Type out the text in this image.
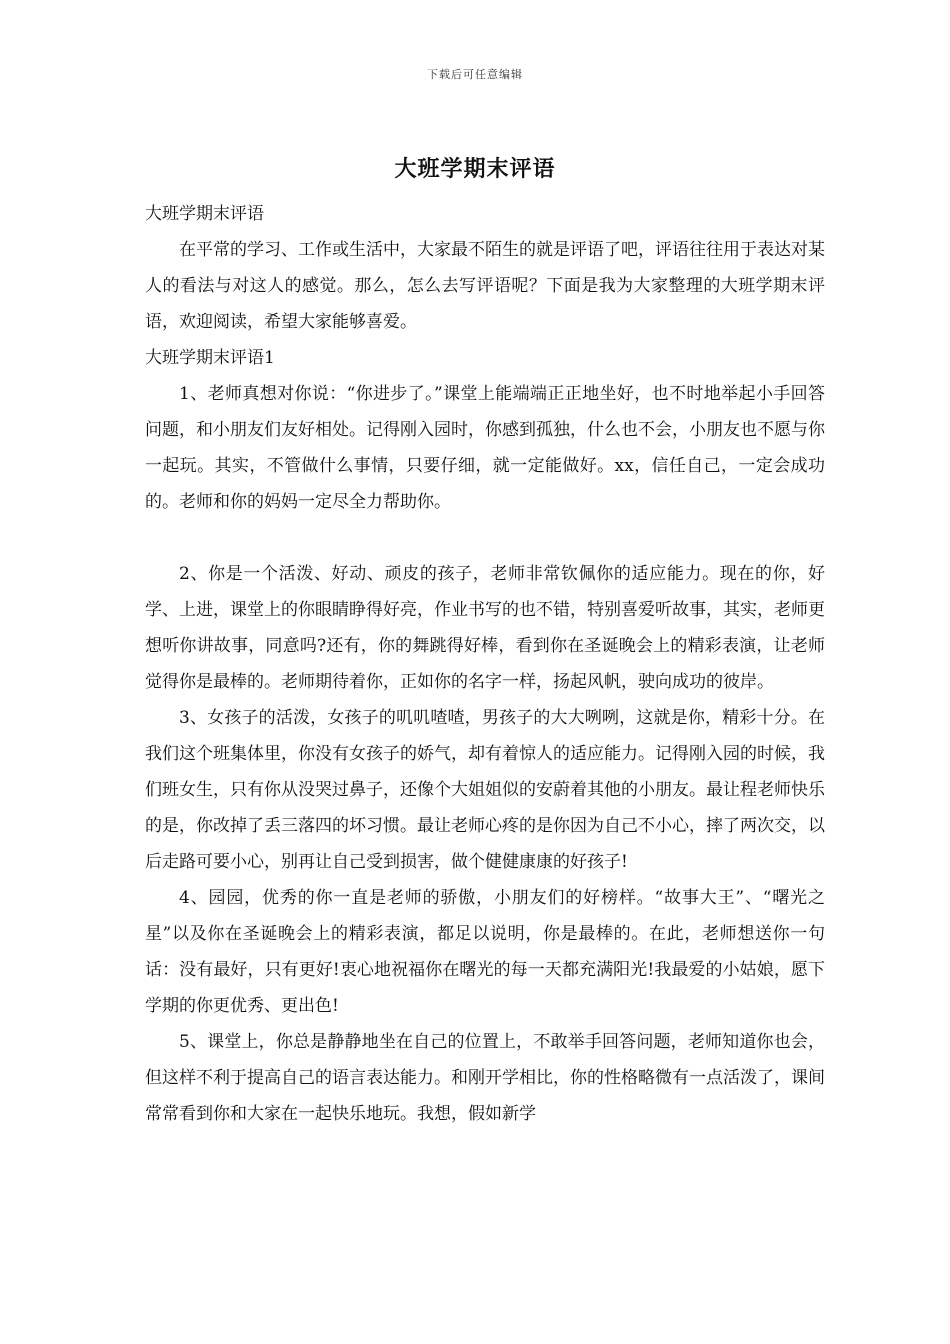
下载后可任意编辑
大班学期末评语

大班学期末评语

在平常的学习、工作或生活中，大家最不陌生的就是评语了吧，评语往往用于表达对某人的看法与对这人的感觉。那么，怎么去写评语呢？下面是我为大家整理的大班学期末评语，欢迎阅读，希望大家能够喜爱。

大班学期末评语1

1、老师真想对你说：“你进步了。”课堂上能端端正正地坐好，也不时地举起小手回答问题，和小朋友们友好相处。记得刚入园时，你感到孤独，什么也不会，小朋友也不愿与你一起玩。其实，不管做什么事情，只要仔细，就一定能做好。xx，信任自己，一定会成功的。老师和你的妈妈一定尽全力帮助你。

2、你是一个活泼、好动、顽皮的孩子，老师非常钦佩你的适应能力。现在的你，好学、上进，课堂上的你眼睛睁得好亮，作业书写的也不错，特别喜爱听故事，其实，老师更想听你讲故事，同意吗?还有，你的舞跳得好棒，看到你在圣诞晚会上的精彩表演，让老师觉得你是最棒的。老师期待着你，正如你的名字一样，扬起风帆，驶向成功的彼岸。

3、女孩子的活泼，女孩子的叽叽喳喳，男孩子的大大咧咧，这就是你，精彩十分。在我们这个班集体里，你没有女孩子的娇气，却有着惊人的适应能力。记得刚入园的时候，我们班女生，只有你从没哭过鼻子，还像个大姐姐似的安蔚着其他的小朋友。最让程老师快乐的是，你改掉了丢三落四的坏习惯。最让老师心疼的是你因为自己不小心，摔了两次交，以后走路可要小心，别再让自己受到损害，做个健健康康的好孩子!

4、园园，优秀的你一直是老师的骄傲，小朋友们的好榜样。“故事大王”、“曙光之星”以及你在圣诞晚会上的精彩表演，都足以说明，你是最棒的。在此，老师想送你一句话：没有最好，只有更好!衷心地祝福你在曙光的每一天都充满阳光!我最爱的小姑娘，愿下学期的你更优秀、更出色!

5、课堂上，你总是静静地坐在自己的位置上，不敢举手回答问题，老师知道你也会，但这样不利于提高自己的语言表达能力。和刚开学相比，你的性格略微有一点活泼了，课间常常看到你和大家在一起快乐地玩。我想，假如新学
